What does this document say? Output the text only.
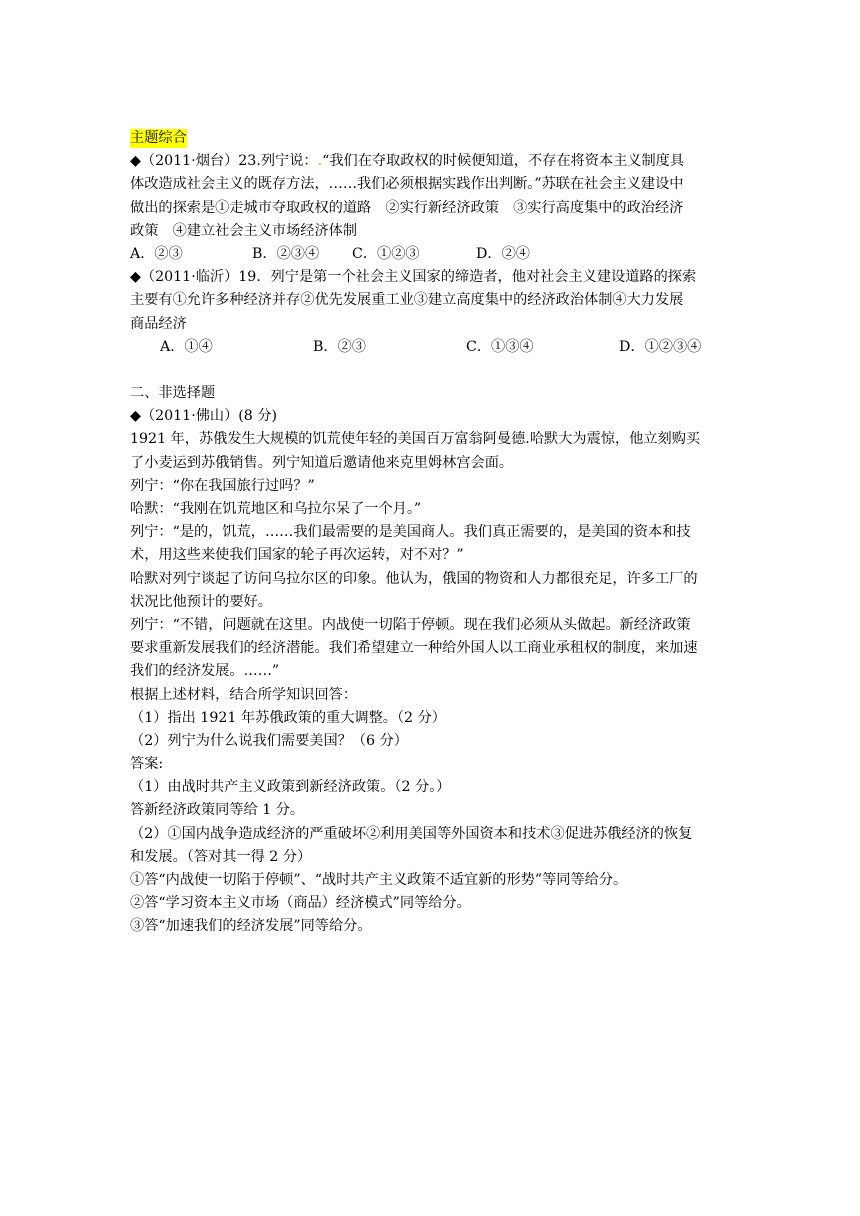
主题综合
◆（2011·烟台）23.列宁说：.“我们在夺取政权的时候便知道，不存在将资本主义制度具
体改造成社会主义的既存方法，……我们必须根据实践作出判断。”苏联在社会主义建设中
做出的探索是①走城市夺取政权的道路　②实行新经济政策　③实行高度集中的政治经济
政策　④建立社会主义市场经济体制
A．②③	B．②③④	C．①②③	D．②④
◆（2011·临沂）19．列宁是第一个社会主义国家的缔造者，他对社会主义建设道路的探索
主要有①允许多种经济并存②优先发展重工业③建立高度集中的经济政治体制④大力发展
商品经济
A．①④	B．②③	C．①③④	D．①②③④
二、非选择题
◆（2011·佛山）(8 分)
1921 年，苏俄发生大规模的饥荒使年轻的美国百万富翁阿曼德.哈默大为震惊，他立刻购买
了小麦运到苏俄销售。列宁知道后邀请他来克里姆林宫会面。
列宁：“你在我国旅行过吗？”
哈默：“我刚在饥荒地区和乌拉尔呆了一个月。”
列宁：“是的，饥荒，……我们最需要的是美国商人。我们真正需要的，是美国的资本和技
术，用这些来使我们国家的轮子再次运转，对不对？”
哈默对列宁谈起了访问乌拉尔区的印象。他认为，俄国的物资和人力都很充足，许多工厂的
状况比他预计的要好。
列宁：“不错，问题就在这里。内战使一切陷于停顿。现在我们必须从头做起。新经济政策
要求重新发展我们的经济潜能。我们希望建立一种给外国人以工商业承租权的制度，来加速
我们的经济发展。……”
根据上述材料，结合所学知识回答：
（1）指出 1921 年苏俄政策的重大调整。（2 分）
（2）列宁为什么说我们需要美国？（6 分）
答案:
（1）由战时共产主义政策到新经济政策。（2 分。）
答新经济政策同等给 1 分。
（2）①国内战争造成经济的严重破坏②利用美国等外国资本和技术③促进苏俄经济的恢复
和发展。（答对其一得 2 分）
①答“内战使一切陷于停顿”、“战时共产主义政策不适宜新的形势”等同等给分。
②答“学习资本主义市场（商品）经济模式”同等给分。
③答“加速我们的经济发展”同等给分。
